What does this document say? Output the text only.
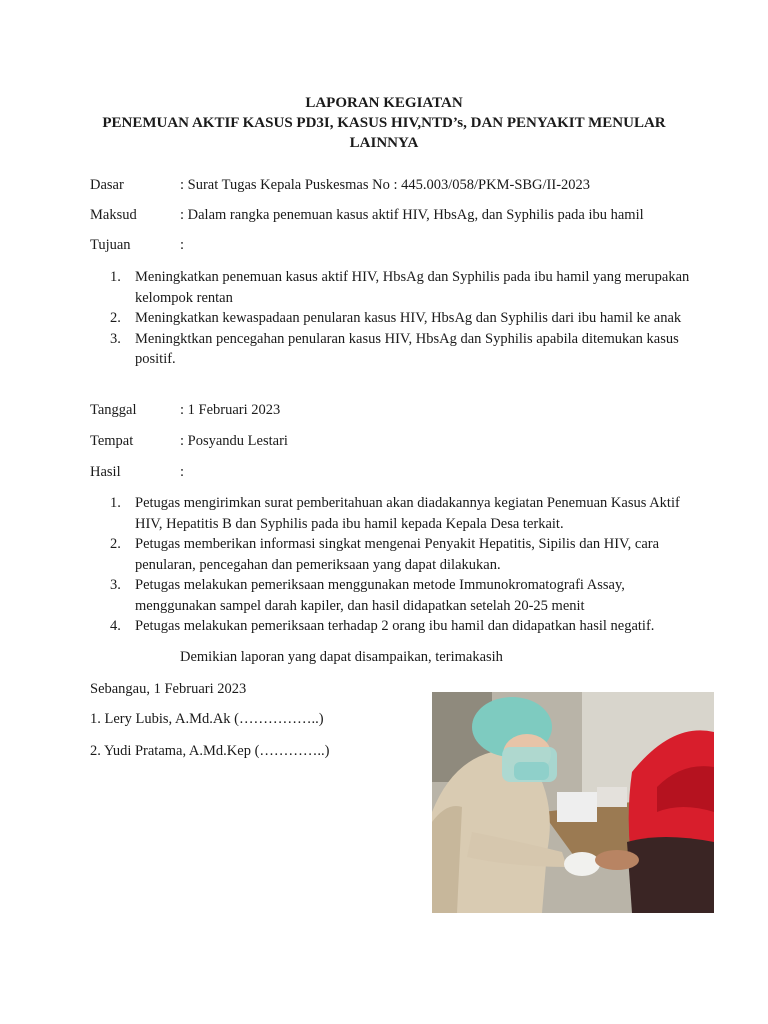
LAPORAN KEGIATAN
PENEMUAN AKTIF KASUS PD3I, KASUS HIV,NTD’s, DAN PENYAKIT MENULAR
LAINNYA
Dasar	: Surat Tugas Kepala Puskesmas No : 445.003/058/PKM-SBG/II-2023
Maksud	: Dalam rangka penemuan kasus aktif HIV, HbsAg, dan Syphilis pada ibu hamil
Tujuan	:
1. Meningkatkan penemuan kasus aktif HIV, HbsAg dan Syphilis pada ibu hamil yang merupakan kelompok rentan
2. Meningkatkan kewaspadaan penularan kasus HIV, HbsAg dan Syphilis dari ibu hamil ke anak
3. Meningktkan pencegahan penularan kasus HIV, HbsAg dan Syphilis apabila ditemukan kasus positif.
Tanggal	: 1 Februari 2023
Tempat	: Posyandu Lestari
Hasil	:
1. Petugas mengirimkan surat pemberitahuan akan diadakannya kegiatan Penemuan Kasus Aktif HIV, Hepatitis B dan Syphilis pada ibu hamil kepada Kepala Desa terkait.
2. Petugas memberikan informasi singkat mengenai Penyakit Hepatitis, Sipilis dan HIV, cara penularan, pencegahan dan pemeriksaan yang dapat dilakukan.
3. Petugas melakukan pemeriksaan menggunakan metode Immunokromatografi Assay, menggunakan sampel darah kapiler, dan hasil didapatkan setelah 20-25 menit
4. Petugas melakukan pemeriksaan terhadap 2 orang ibu hamil dan didapatkan hasil negatif.
Demikian laporan yang dapat disampaikan, terimakasih
Sebangau, 1 Februari 2023
1. Lery Lubis, A.Md.Ak (……………..)
2. Yudi Pratama, A.Md.Kep (…………..)
